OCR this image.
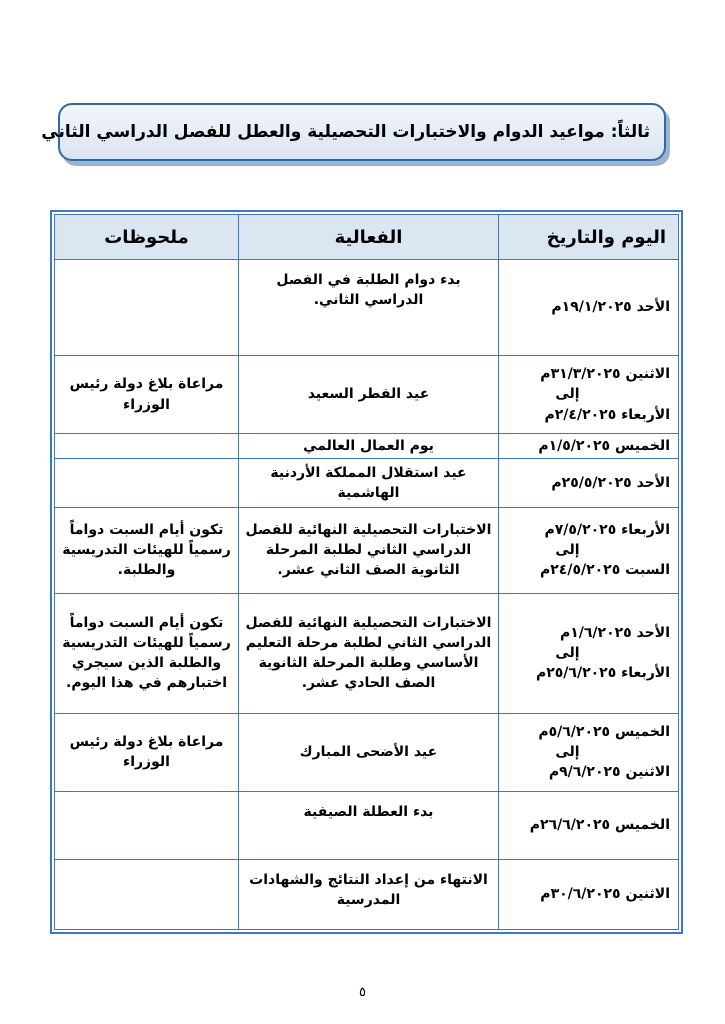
ثالثاً: مواعيد الدوام والاختبارات التحصيلية والعطل للفصل الدراسي الثاني
اليوم والتاريخ	الفعالية	ملحوظات

الأحد ١٩/١/٢٠٢٥م	بدء دوام الطلبة في الفصل الدراسي الثاني.	

الاثنين ٣١/٣/٢٠٢٥م
إلى
الأربعاء ٢/٤/٢٠٢٥م	عيد الفطر السعيد	مراعاة بلاغ دولة رئيس الوزراء

الخميس ١/٥/٢٠٢٥م	يوم العمال العالمي	

الأحد ٢٥/٥/٢٠٢٥م	عيد استقلال المملكة الأردنية الهاشمية	

الأربعاء ٧/٥/٢٠٢٥م
إلى
السبت ٢٤/٥/٢٠٢٥م	الاختبارات التحصيلية النهائية للفصل الدراسي الثاني لطلبة المرحلة الثانوية الصف الثاني عشر.	تكون أيام السبت دواماً رسمياً للهيئات التدريسية والطلبة.

الأحد ١/٦/٢٠٢٥م
إلى
الأربعاء ٢٥/٦/٢٠٢٥م	الاختبارات التحصيلية النهائية للفصل الدراسي الثاني لطلبة مرحلة التعليم الأساسي وطلبة المرحلة الثانوية الصف الحادي عشر.	تكون أيام السبت دواماً رسمياً للهيئات التدريسية والطلبة الذين سيجري اختبارهم في هذا اليوم.

الخميس ٥/٦/٢٠٢٥م
إلى
الاثنين ٩/٦/٢٠٢٥م	عيد الأضحى المبارك	مراعاة بلاغ دولة رئيس الوزراء

الخميس ٢٦/٦/٢٠٢٥م	بدء العطلة الصيفية	

الاثنين ٣٠/٦/٢٠٢٥م	الانتهاء من إعداد النتائج والشهادات المدرسية	
٥
